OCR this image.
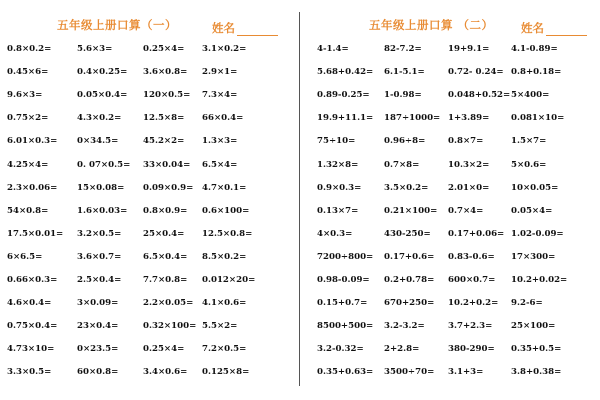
五年级上册口算（一）	姓名
0.8×0.2=	5.6×3=	0.25×4= 3.1×0.2=
0.45×6=	0.4×0.25= 3.6×0.8= 2.9×1=
9.6×3=	0.05×0.4= 120×0.5= 7.3×4=
0.75×2=	4.3×0.2=	12.5×8= 66×0.4=
6.01×0.3= 0×34.5=	45.2×2= 1.3×3=
4.25×4=	0. 07×0.5= 33×0.04= 6.5×4=
2.3×0.06= 15×0.08= 0.09×0.9= 4.7×0.1=
54×0.8=	1.6×0.03= 0.8×0.9= 0.6×100=
17.5×0.01= 3.2×0.5=	25×0.4= 12.5×0.8=
6×6.5=	3.6×0.7=	6.5×0.4= 8.5×0.2=
0.66×0.3= 2.5×0.4=	7.7×0.8= 0.012×20=
4.6×0.4=	3×0.09=	2.2×0.05= 4.1×0.6=
0.75×0.4= 23×0.4=	0.32×100= 5.5×2=
4.73×10=	0×23.5=	0.25×4= 7.2×0.5=
3.3×0.5=	60×0.8=	3.4×0.6= 0.125×8=
五年级上册口算 （二） 姓名
4-1.4=	82-7.2=	19+9.1=	4.1-0.89=
5.68+0.42= 6.1-5.1=	0.72- 0.24= 0.8+0.18=
0.89-0.25= 1-0.98=	0.048+0.52= 5×400=
19.9+11.1= 187÷1000= 1+3.89=	0.081×10=
75÷10=	0.96÷8=	0.8×7=	1.5×7=
1.32×8=	0.7×8=	10.3×2=	5×0.6=
0.9×0.3=	3.5×0.2= 2.01×0=	10×0.05=
0.13×7=	0.21×100= 0.7×4=	0.05×4=
4×0.3=	430-250= 0.17+0.06= 1.02-0.09=
7200÷800= 0.17+0.6= 0.83-0.6= 17×300=
0.98-0.09= 0.2+0.78= 600×0.7= 10.2+0.02=
0.15+0.7= 670+250= 10.2+0.2= 9.2-6=
8500+500= 3.2-3.2=	3.7+2.3= 25×100=
3.2-0.32= 2+2.8=	380-290= 0.35+0.5=
0.35+0.63= 3500÷70= 3.1+3=	3.8+0.38=
